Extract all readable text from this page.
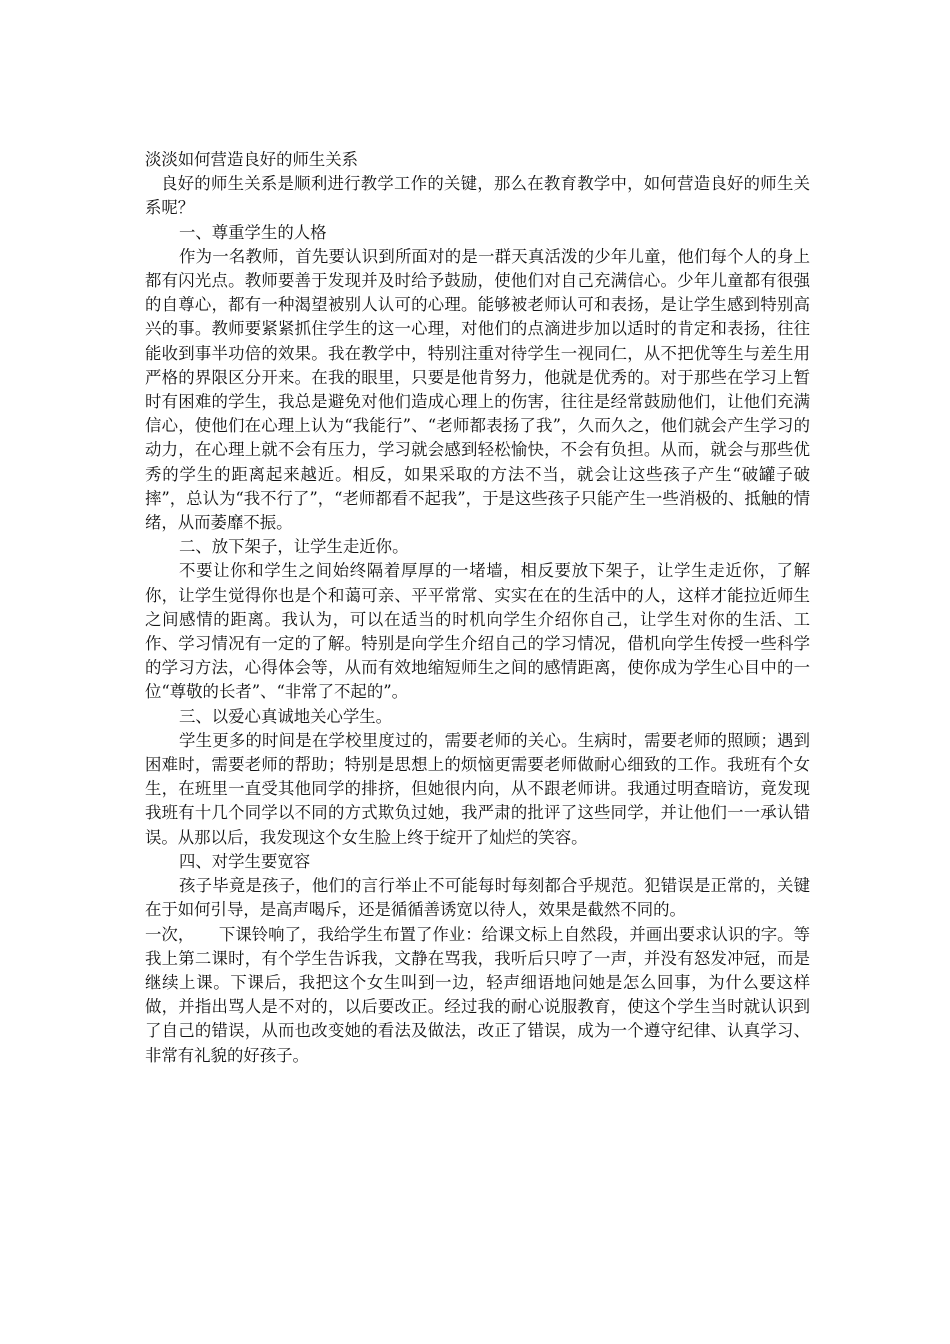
淡淡如何营造良好的师生关系

良好的师生关系是顺利进行教学工作的关键，那么在教育教学中，如何营造良好的师生关系呢？

一、尊重学生的人格

作为一名教师，首先要认识到所面对的是一群天真活泼的少年儿童，他们每个人的身上都有闪光点。教师要善于发现并及时给予鼓励，使他们对自己充满信心。少年儿童都有很强的自尊心，都有一种渴望被别人认可的心理。能够被老师认可和表扬，是让学生感到特别高兴的事。教师要紧紧抓住学生的这一心理，对他们的点滴进步加以适时的肯定和表扬，往往能收到事半功倍的效果。我在教学中，特别注重对待学生一视同仁，从不把优等生与差生用严格的界限区分开来。在我的眼里，只要是他肯努力，他就是优秀的。对于那些在学习上暂时有困难的学生，我总是避免对他们造成心理上的伤害，往往是经常鼓励他们，让他们充满信心，使他们在心理上认为“我能行”、“老师都表扬了我”，久而久之，他们就会产生学习的动力，在心理上就不会有压力，学习就会感到轻松愉快，不会有负担。从而，就会与那些优秀的学生的距离起来越近。相反，如果采取的方法不当，就会让这些孩子产生“破罐子破摔”，总认为“我不行了”，“老师都看不起我”，于是这些孩子只能产生一些消极的、抵触的情绪，从而萎靡不振。

二、放下架子，让学生走近你。

不要让你和学生之间始终隔着厚厚的一堵墙，相反要放下架子，让学生走近你，了解你，让学生觉得你也是个和蔼可亲、平平常常、实实在在的生活中的人，这样才能拉近师生之间感情的距离。我认为，可以在适当的时机向学生介绍你自己，让学生对你的生活、工作、学习情况有一定的了解。特别是向学生介绍自己的学习情况，借机向学生传授一些科学的学习方法，心得体会等，从而有效地缩短师生之间的感情距离，使你成为学生心目中的一位“尊敬的长者”、“非常了不起的”。

三、以爱心真诚地关心学生。

学生更多的时间是在学校里度过的，需要老师的关心。生病时，需要老师的照顾；遇到困难时，需要老师的帮助；特别是思想上的烦恼更需要老师做耐心细致的工作。我班有个女生，在班里一直受其他同学的排挤，但她很内向，从不跟老师讲。我通过明查暗访，竟发现我班有十几个同学以不同的方式欺负过她，我严肃的批评了这些同学，并让他们一一承认错误。从那以后，我发现这个女生脸上终于绽开了灿烂的笑容。

四、对学生要宽容

孩子毕竟是孩子，他们的言行举止不可能每时每刻都合乎规范。犯错误是正常的，关键在于如何引导，是高声喝斥，还是循循善诱宽以待人，效果是截然不同的。

一次，　　下课铃响了，我给学生布置了作业：给课文标上自然段，并画出要求认识的字。等我上第二课时，有个学生告诉我，文静在骂我，我听后只哼了一声，并没有怒发冲冠，而是继续上课。下课后，我把这个女生叫到一边，轻声细语地问她是怎么回事，为什么要这样做，并指出骂人是不对的，以后要改正。经过我的耐心说服教育，使这个学生当时就认识到了自己的错误，从而也改变她的看法及做法，改正了错误，成为一个遵守纪律、认真学习、非常有礼貌的好孩子。
